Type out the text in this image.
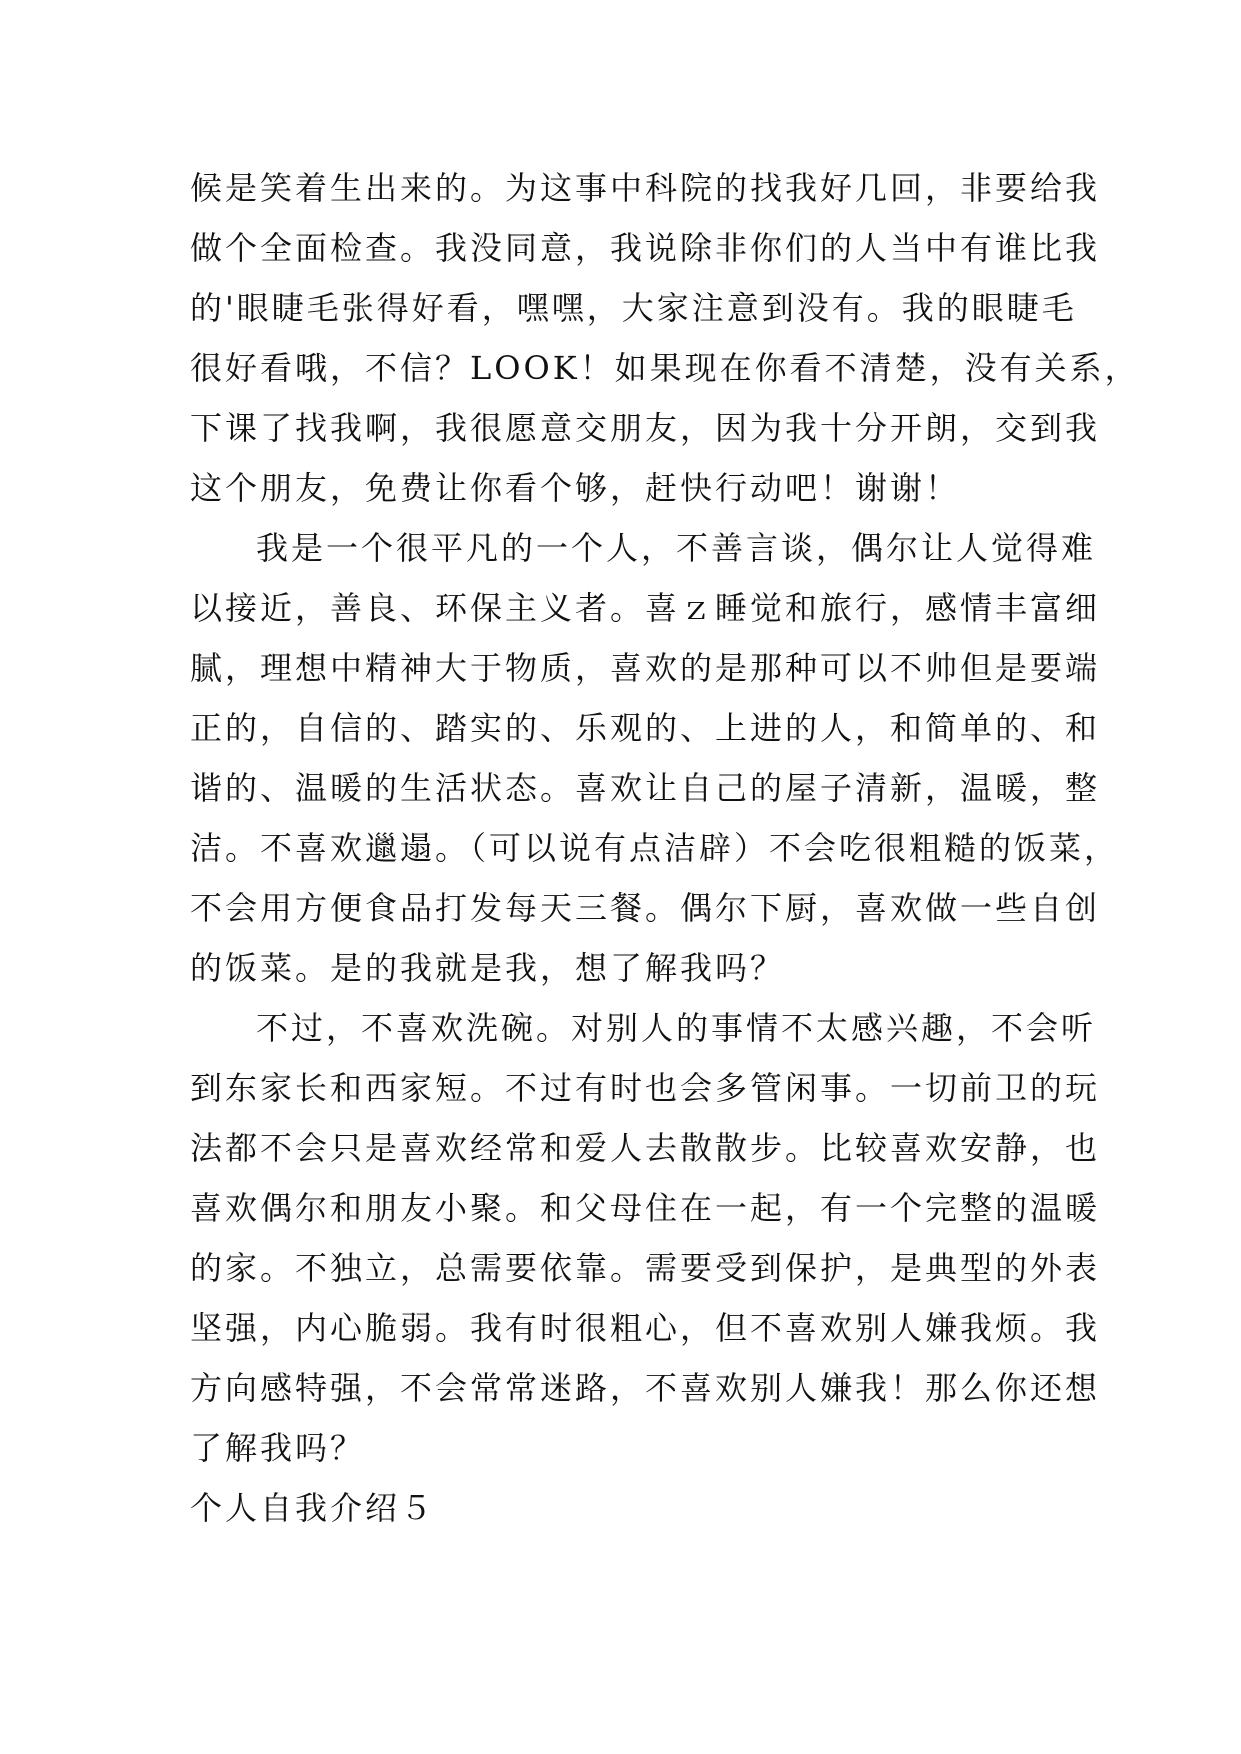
候是笑着生出来的。为这事中科院的找我好几回，非要给我
做个全面检查。我没同意，我说除非你们的人当中有谁比我
的'眼睫毛张得好看，嘿嘿，大家注意到没有。我的眼睫毛
很好看哦，不信？LOOK！如果现在你看不清楚，没有关系，
下课了找我啊，我很愿意交朋友，因为我十分开朗，交到我
这个朋友，免费让你看个够，赶快行动吧！谢谢！
我是一个很平凡的一个人，不善言谈，偶尔让人觉得难
以接近，善良、环保主义者。喜ｚ睡觉和旅行，感情丰富细
腻，理想中精神大于物质，喜欢的是那种可以不帅但是要端
正的，自信的、踏实的、乐观的、上进的人，和简单的、和
谐的、温暖的生活状态。喜欢让自己的屋子清新，温暖，整
洁。不喜欢邋遢。（可以说有点洁辟）不会吃很粗糙的饭菜，
不会用方便食品打发每天三餐。偶尔下厨，喜欢做一些自创
的饭菜。是的我就是我，想了解我吗？
不过，不喜欢洗碗。对别人的事情不太感兴趣，不会听
到东家长和西家短。不过有时也会多管闲事。一切前卫的玩
法都不会只是喜欢经常和爱人去散散步。比较喜欢安静，也
喜欢偶尔和朋友小聚。和父母住在一起，有一个完整的温暖
的家。不独立，总需要依靠。需要受到保护，是典型的外表
坚强，内心脆弱。我有时很粗心，但不喜欢别人嫌我烦。我
方向感特强，不会常常迷路，不喜欢别人嫌我！那么你还想
了解我吗？
个人自我介绍５
